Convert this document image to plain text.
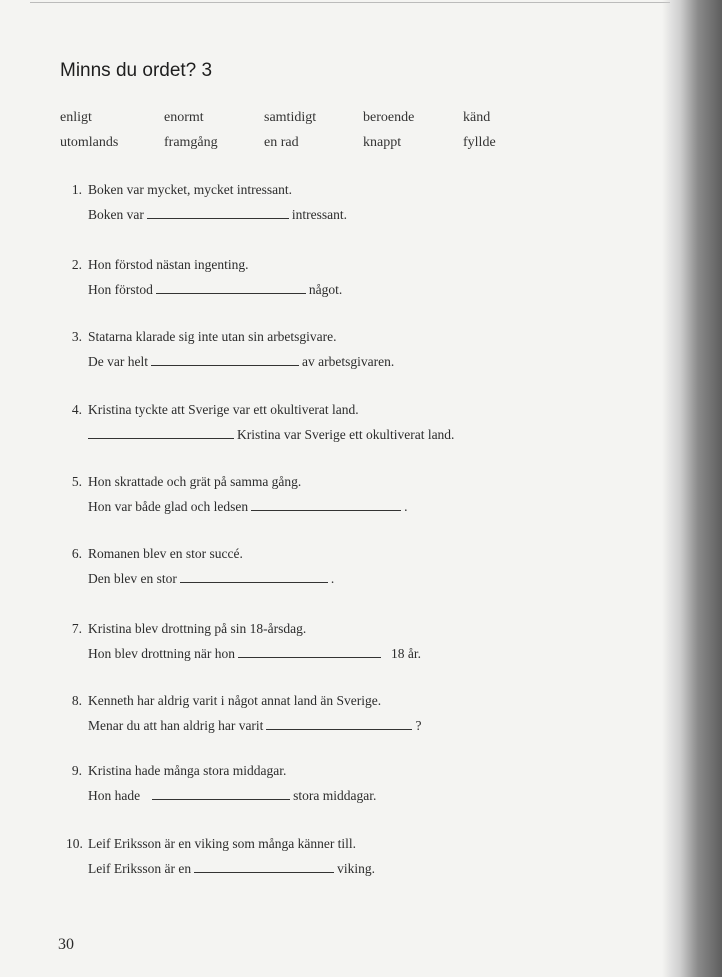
Minns du ordet? 3
enligt	enormt	samtidigt	beroende	känd
utomlands	framgång	en rad	knappt	fyllde
1. Boken var mycket, mycket intressant.
Boken var	intressant.
2. Hon förstod nästan ingenting.
Hon förstod	något.
3. Statarna klarade sig inte utan sin arbetsgivare.
De var helt	av arbetsgivaren.
4. Kristina tyckte att Sverige var ett okultiverat land.
Kristina var Sverige ett okultiverat land.
5. Hon skrattade och grät på samma gång.
Hon var både glad och ledsen	.
6. Romanen blev en stor succé.
Den blev en stor	.
7. Kristina blev drottning på sin 18-årsdag.
Hon blev drottning när hon	18 år.
8. Kenneth har aldrig varit i något annat land än Sverige.
Menar du att han aldrig har varit	?
9. Kristina hade många stora middagar.
Hon hade	stora middagar.
10. Leif Eriksson är en viking som många känner till.
Leif Eriksson är en	viking.
30
